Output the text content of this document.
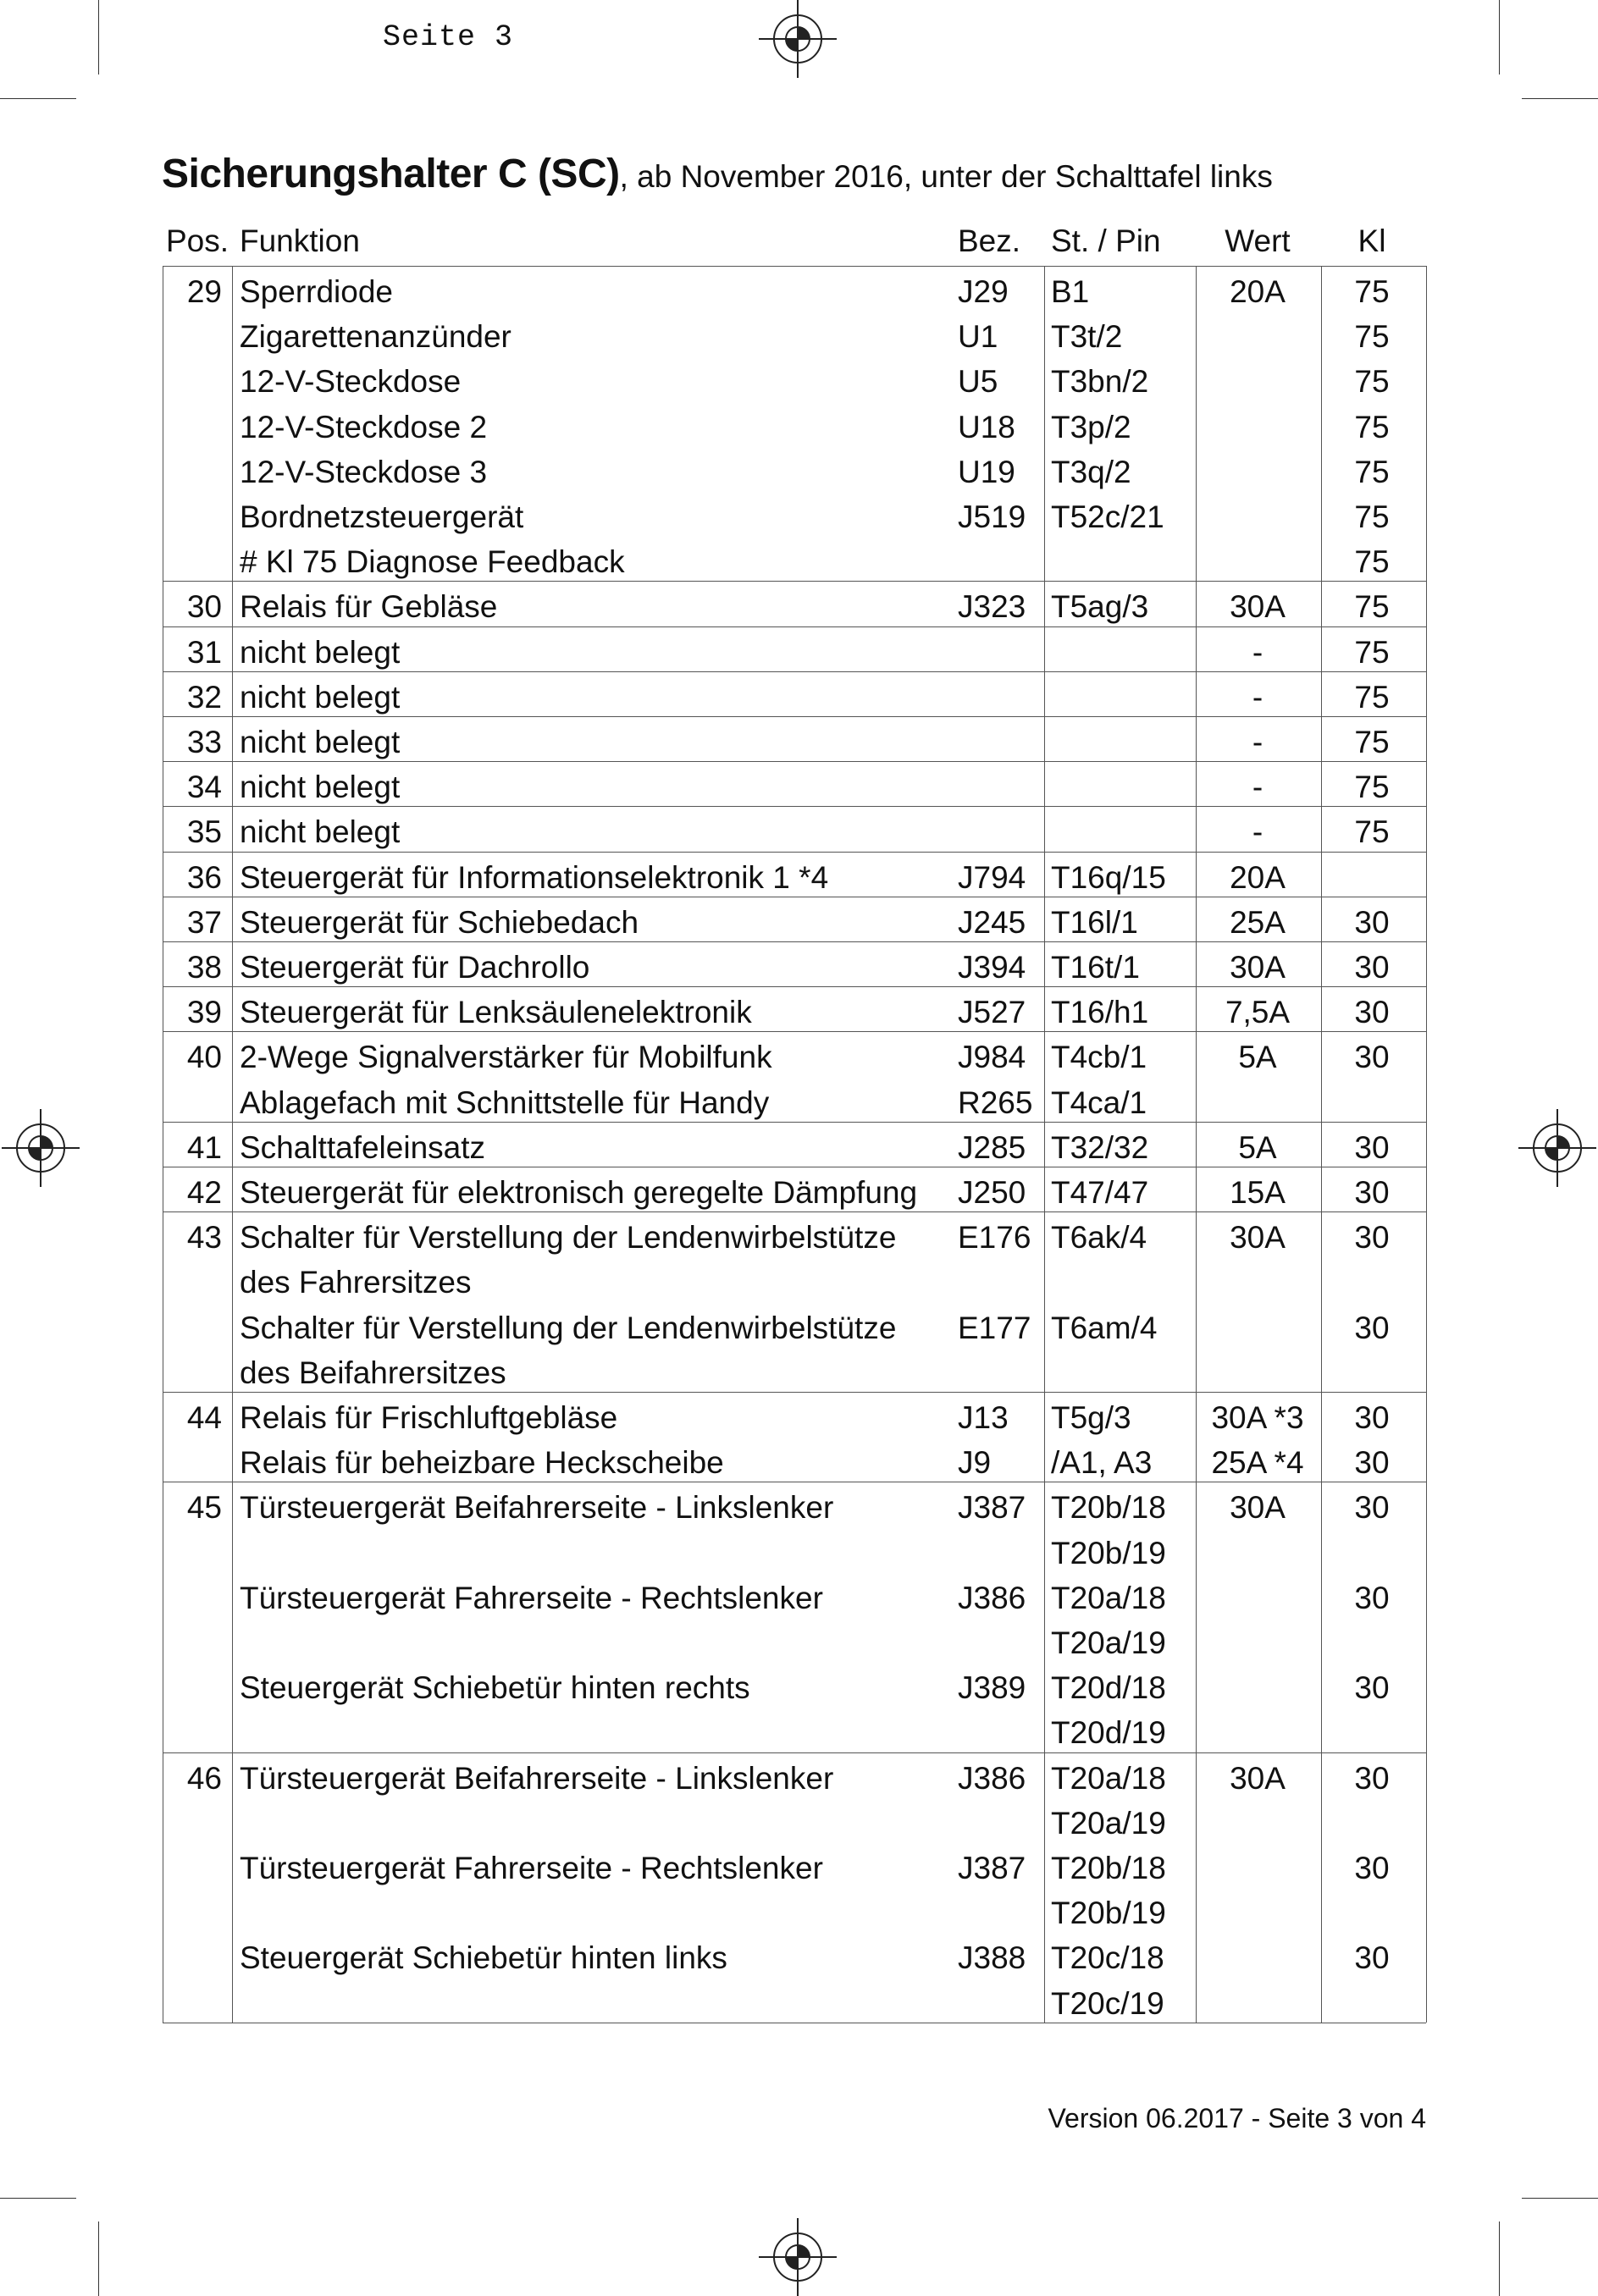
Seite 3
Sicherungshalter C (SC), ab November 2016, unter der Schalttafel links
Pos. Funktion	Bez. St. / Pin	Wert	Kl
29 Sperrdiode	J29 B1	20A	75
Zigarettenanzünder	U1 T3t/2	75
12-V-Steckdose	U5 T3bn/2	75
12-V-Steckdose 2	U18 T3p/2	75
12-V-Steckdose 3	U19 T3q/2	75
Bordnetzsteuergerät	J519 T52c/21	75
# Kl 75 Diagnose Feedback	75
30 Relais für Gebläse	J323 T5ag/3	30A	75
31 nicht belegt	-	75
32 nicht belegt	-	75
33 nicht belegt	-	75
34 nicht belegt	-	75
35 nicht belegt	-	75
36 Steuergerät für Informationselektronik 1 *4	J794 T16q/15	20A
37 Steuergerät für Schiebedach	J245 T16l/1	25A	30
38 Steuergerät für Dachrollo	J394 T16t/1	30A	30
39 Steuergerät für Lenksäulenelektronik	J527 T16/h1	7,5A	30
40 2-Wege Signalverstärker für Mobilfunk	J984 T4cb/1	5A	30
Ablagefach mit Schnittstelle für Handy	R265 T4ca/1
41 Schalttafeleinsatz	J285 T32/32	5A	30
42 Steuergerät für elektronisch geregelte Dämpfung J250 T47/47	15A	30
43 Schalter für Verstellung der Lendenwirbelstütze E176 T6ak/4	30A	30
des Fahrersitzes
Schalter für Verstellung der Lendenwirbelstütze E177 T6am/4	30
des Beifahrersitzes
44 Relais für Frischluftgebläse	J13 T5g/3	30A *3	30
Relais für beheizbare Heckscheibe	J9 /A1, A3	25A *4	30
45 Türsteuergerät Beifahrerseite - Linkslenker	J387 T20b/18	30A	30
T20b/19
Türsteuergerät Fahrerseite - Rechtslenker	J386 T20a/18	30
T20a/19
Steuergerät Schiebetür hinten rechts	J389 T20d/18	30
T20d/19
46 Türsteuergerät Beifahrerseite - Linkslenker	J386 T20a/18	30A	30
T20a/19
Türsteuergerät Fahrerseite - Rechtslenker	J387 T20b/18	30
T20b/19
Steuergerät Schiebetür hinten links	J388 T20c/18	30
T20c/19
Version 06.2017 - Seite 3 von 4
